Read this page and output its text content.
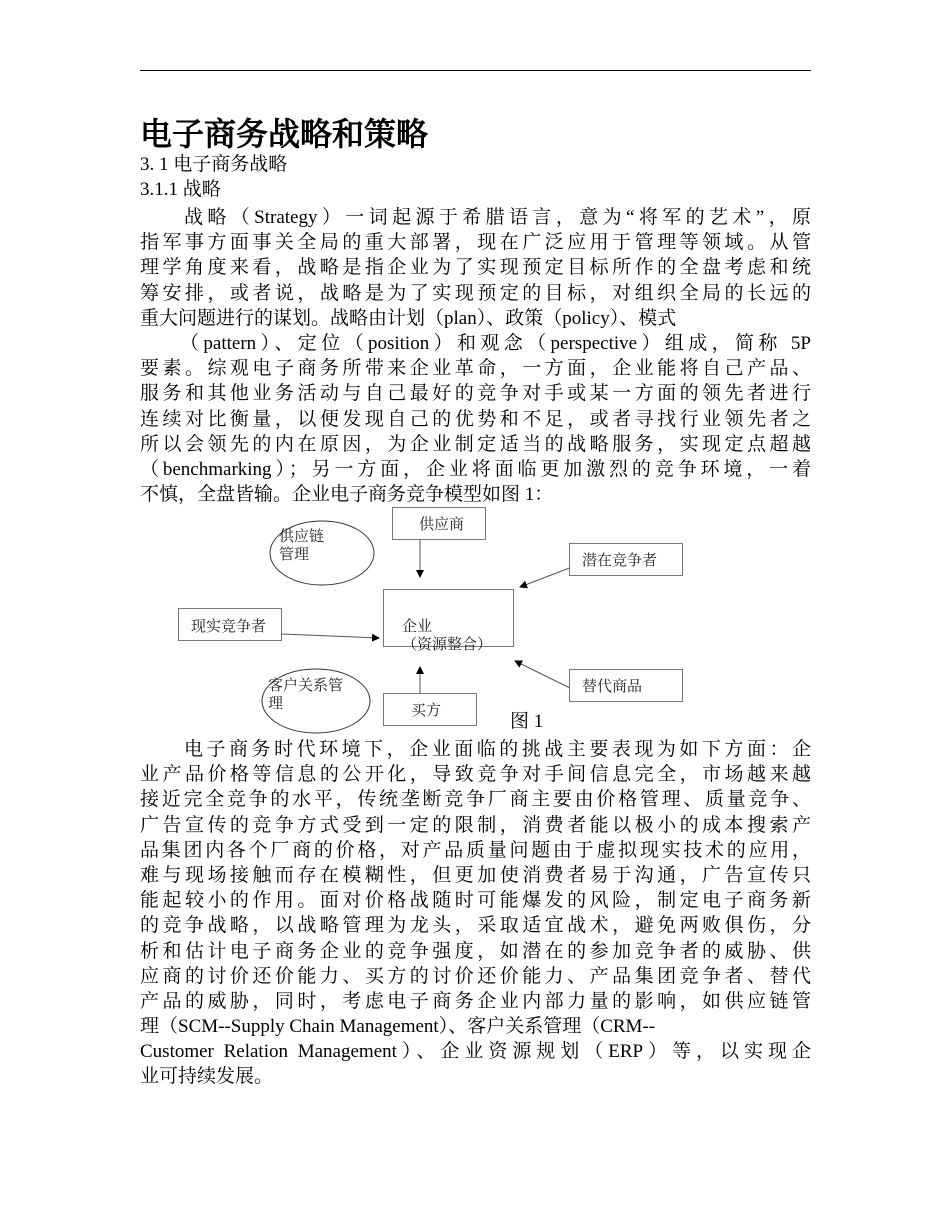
电子商务战略和策略
3. 1 电子商务战略
3.1.1 战略
战略（Strategy）一词起源于希腊语言，意为“将军的艺术”，原
指军事方面事关全局的重大部署，现在广泛应用于管理等领域。从管
理学角度来看，战略是指企业为了实现预定目标所作的全盘考虑和统
筹安排，或者说，战略是为了实现预定的目标，对组织全局的长远的
重大问题进行的谋划。战略由计划（plan）、政策（policy）、模式
（pattern）、定位（position）和观念（perspective）组成，简称 5P
要素。综观电子商务所带来企业革命，一方面，企业能将自己产品、
服务和其他业务活动与自己最好的竞争对手或某一方面的领先者进行
连续对比衡量，以便发现自己的优势和不足，或者寻找行业领先者之
所以会领先的内在原因，为企业制定适当的战略服务，实现定点超越
（benchmarking）；另一方面，企业将面临更加激烈的竞争环境，一着
不慎，全盘皆输。企业电子商务竞争模型如图 1：
供应商
潜在竞争者
现实竞争者	企业
（资源整合）

替代商品
买方
供应链
管理
客户关系管
理
图 1
电子商务时代环境下，企业面临的挑战主要表现为如下方面：企
业产品价格等信息的公开化，导致竞争对手间信息完全，市场越来越
接近完全竞争的水平，传统垄断竞争厂商主要由价格管理、质量竞争、
广告宣传的竞争方式受到一定的限制，消费者能以极小的成本搜索产
品集团内各个厂商的价格，对产品质量问题由于虚拟现实技术的应用，
难与现场接触而存在模糊性，但更加使消费者易于沟通，广告宣传只
能起较小的作用。面对价格战随时可能爆发的风险，制定电子商务新
的竞争战略，以战略管理为龙头，采取适宜战术，避免两败俱伤，分
析和估计电子商务企业的竞争强度，如潜在的参加竞争者的威胁、供
应商的讨价还价能力、买方的讨价还价能力、产品集团竞争者、替代
产品的威胁，同时，考虑电子商务企业内部力量的影响，如供应链管
理（SCM--Supply Chain Management）、客户关系管理（CRM--
Customer Relation Management）、企业资源规划（ERP）等，以实现企
业可持续发展。
